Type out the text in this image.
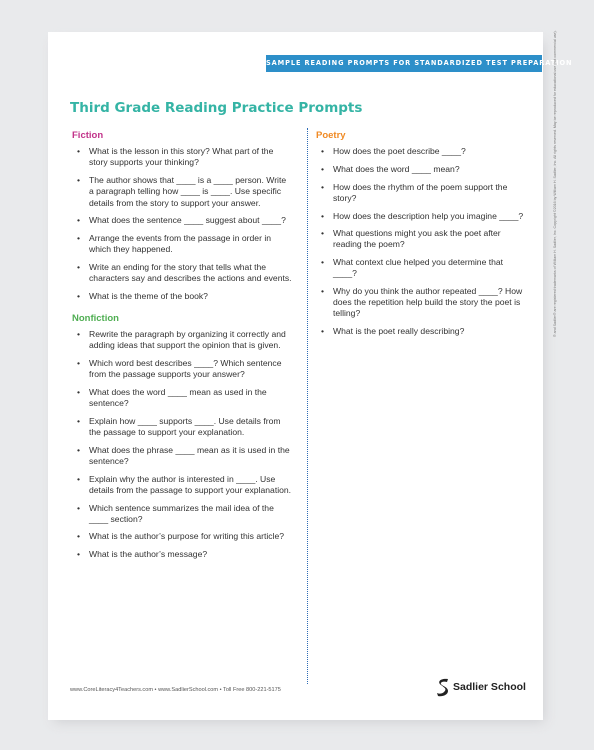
SAMPLE READING PROMPTS FOR STANDARDIZED TEST PREPARATION
Third Grade Reading Practice Prompts
Fiction
• What is the lesson in this story? What part of the story supports your thinking?
• The author shows that ____ is a ____ person. Write a paragraph telling how ____ is ____. Use specific details from the story to support your answer.
• What does the sentence ____ suggest about ____?
• Arrange the events from the passage in order in which they happened.
• Write an ending for the story that tells what the characters say and describes the actions and events.
• What is the theme of the book?
Nonfiction
• Rewrite the paragraph by organizing it correctly and adding ideas that support the opinion that is given.
• Which word best describes ____? Which sentence from the passage supports your answer?
• What does the word ____ mean as used in the sentence?
• Explain how ____ supports ____. Use details from the passage to support your explanation.
• What does the phrase ____ mean as it is used in the sentence?
• Explain why the author is interested in ____. Use details from the passage to support your explanation.
• Which sentence summarizes the mail idea of the ____ section?
• What is the author’s purpose for writing this article?
• What is the author’s message?
Poetry
• How does the poet describe ____?
• What does the word ____ mean?
• How does the rhythm of the poem support the story?
• How does the description help you imagine ____?
• What questions might you ask the poet after reading the poem?
• What context clue helped you determine that ____?
• Why do you think the author repeated ____? How does the repetition help build the story the poet is telling?
• What is the poet really describing?	® and Sadlier® are registered trademarks of William H. Sadlier, Inc. Copyright ©2016 by William H. Sadlier, Inc. All rights reserved. May be reproduced for educational use (not commercial use).
www.CoreLiteracy4Teachers.com • www.SadlierSchool.com • Toll Free 800-221-5175	Sadlier School
